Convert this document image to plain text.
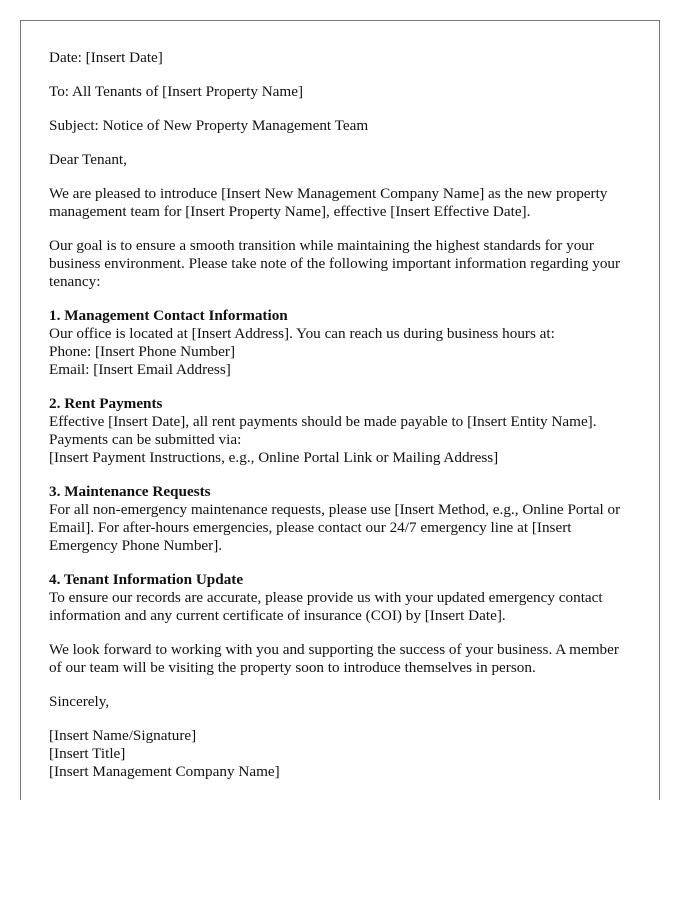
Date: [Insert Date]

To: All Tenants of [Insert Property Name]

Subject: Notice of New Property Management Team

Dear Tenant,

We are pleased to introduce [Insert New Management Company Name] as the new property management team for [Insert Property Name], effective [Insert Effective Date].

Our goal is to ensure a smooth transition while maintaining the highest standards for your business environment. Please take note of the following important information regarding your tenancy:

1. Management Contact Information
Our office is located at [Insert Address]. You can reach us during business hours at:
Phone: [Insert Phone Number]
Email: [Insert Email Address]
2. Rent Payments
Effective [Insert Date], all rent payments should be made payable to [Insert Entity Name]. Payments can be submitted via:
[Insert Payment Instructions, e.g., Online Portal Link or Mailing Address]
3. Maintenance Requests
For all non-emergency maintenance requests, please use [Insert Method, e.g., Online Portal or Email]. For after-hours emergencies, please contact our 24/7 emergency line at [Insert Emergency Phone Number].
4. Tenant Information Update
To ensure our records are accurate, please provide us with your updated emergency contact information and any current certificate of insurance (COI) by [Insert Date].

We look forward to working with you and supporting the success of your business. A member of our team will be visiting the property soon to introduce themselves in person.

Sincerely,

[Insert Name/Signature]
[Insert Title]
[Insert Management Company Name]
